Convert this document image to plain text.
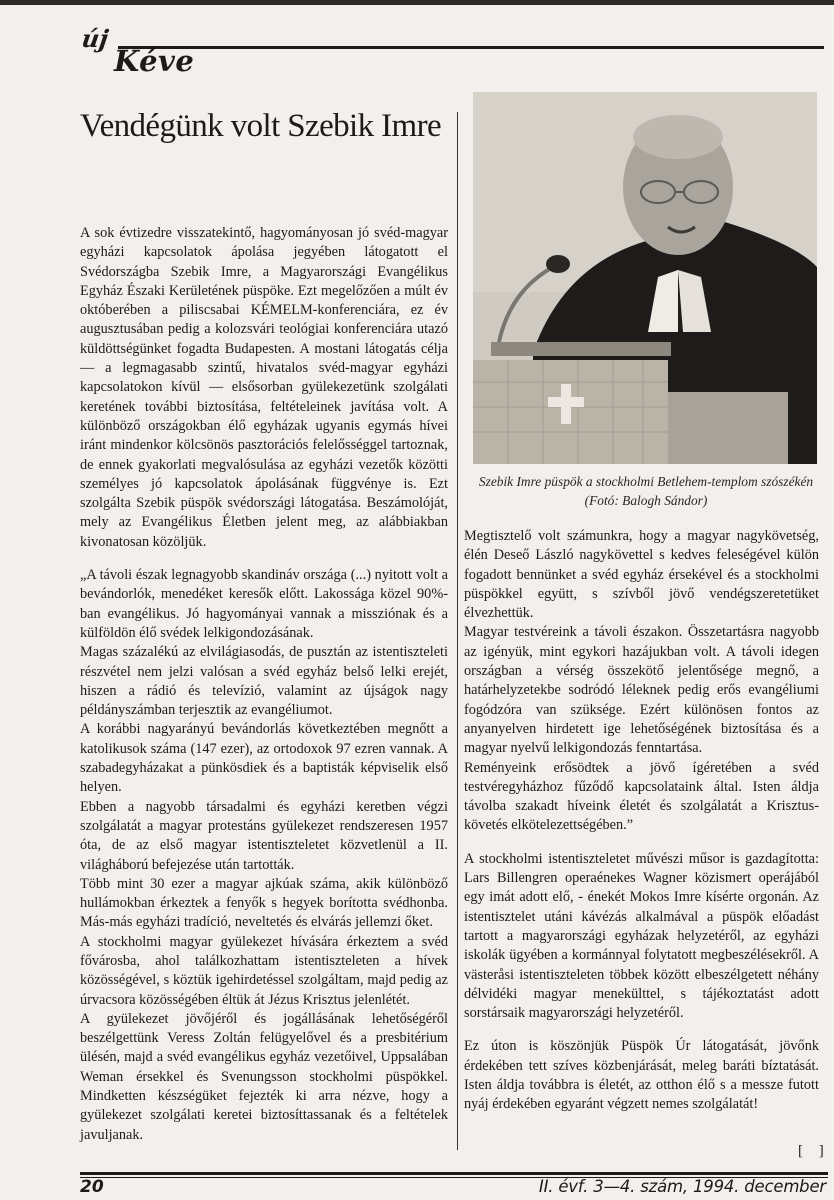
új
Kéve
Vendégünk volt Szebik Imre

A sok évtizedre visszatekintő, hagyományosan jó svéd-magyar egyházi kapcsolatok ápolása jegyében látogatott el Svédországba Szebik Imre, a Magyarországi Evangélikus Egyház Északi Kerületének püspöke. Ezt megelőzően a múlt év októberében a piliscsabai KÉMELM-konferenciára, ez év augusztusában pedig a kolozsvári teológiai konferenciára utazó küldöttségünket fogadta Budapesten. A mostani látogatás célja — a legmagasabb szintű, hivatalos svéd-magyar egyházi kapcsolatokon kívül — elsősorban gyülekezetünk szolgálati keretének további biztosítása, feltételeinek javítása volt. A különböző országokban élő egyházak ugyanis egymás hívei iránt mindenkor kölcsönös pasztorációs felelősséggel tartoznak, de ennek gyakorlati megvalósulása az egyházi vezetők közötti személyes jó kapcsolatok ápolásának függvénye is. Ezt szolgálta Szebik püspök svédországi látogatása. Beszámolóját, mely az Evangélikus Életben jelent meg, az alábbiakban kivonatosan közöljük.

„A távoli észak legnagyobb skandináv országa (...) nyitott volt a bevándorlók, menedéket keresők előtt. Lakossága közel 90%-ban evangélikus. Jó hagyományai vannak a missziónak és a külföldön élő svédek lelkigondozásának.

Magas százalékú az elvilágiasodás, de pusztán az istentiszteleti részvétel nem jelzi valósan a svéd egyház belső lelki erejét, hiszen a rádió és televízió, valamint az újságok nagy példányszámban terjesztik az evangéliumot.

A korábbi nagyarányú bevándorlás következtében megnőtt a katolikusok száma (147 ezer), az ortodoxok 97 ezren vannak. A szabadegyházakat a pünkösdiek és a baptisták képviselik első helyen.

Ebben a nagyobb társadalmi és egyházi keretben végzi szolgálatát a magyar protestáns gyülekezet rendszeresen 1957 óta, de az első magyar istentiszteletet közvetlenül a II. világháború befejezése után tartották.

Több mint 30 ezer a magyar ajkúak száma, akik különböző hullámokban érkeztek a fenyők s hegyek borította svédhonba. Más-más egyházi tradíció, neveltetés és elvárás jellemzi őket.

A stockholmi magyar gyülekezet hívására érkeztem a svéd fővárosba, ahol találkozhattam istentiszteleten a hívek közösségével, s köztük igehirdetéssel szolgáltam, majd pedig az úrvacsora közösségében éltük át Jézus Krisztus jelenlétét.

A gyülekezet jövőjéről és jogállásának lehetőségéről beszélgettünk Veress Zoltán felügyelővel és a presbitérium ülésén, majd a svéd evangélikus egyház vezetőivel, Uppsalában Weman érsekkel és Svenungsson stockholmi püspökkel. Mindketten készségüket fejezték ki arra nézve, hogy a gyülekezet szolgálati keretei biztosíttassanak és a feltételek javuljanak.

Szebik Imre püspök a stockholmi Betlehem-templom szószékén
(Fotó: Balogh Sándor)

Megtisztelő volt számunkra, hogy a magyar nagykövetség, élén Deseő László nagykövettel s kedves feleségével külön fogadott bennünket a svéd egyház érsekével és a stockholmi püspökkel együtt, s szívből jövő vendégszeretetüket élvezhettük.

Magyar testvéreink a távoli északon. Összetartásra nagyobb az igényük, mint egykori hazájukban volt. A távoli idegen országban a vérség összekötő jelentősége megnő, a határhelyzetekbe sodródó léleknek pedig erős evangéliumi fogódzóra van szüksége. Ezért különösen fontos az anyanyelven hirdetett ige lehetőségének biztosítása és a magyar nyelvű lelkigondozás fenntartása.

Reményeink erősödtek a jövő ígéretében a svéd testvéregyházhoz fűződő kapcsolataink által. Isten áldja távolba szakadt híveink életét és szolgálatát a Krisztus-követés elkötelezettségében.”

A stockholmi istentiszteletet művészi műsor is gazdagította: Lars Billengren operaénekes Wagner közismert operájából egy imát adott elő, - énekét Mokos Imre kísérte orgonán. Az istentisztelet utáni kávézás alkalmával a püspök előadást tartott a magyarországi egyházak helyzetéről, az egyházi iskolák ügyében a kormánnyal folytatott megbeszélésekről. A västeråsi istentiszteleten többek között elbeszélgetett néhány délvidéki magyar menekülttel, s tájékoztatást adott sorstársaik magyarországi helyzetéről.

Ez úton is köszönjük Püspök Úr látogatását, jövőnk érdekében tett szíves közbenjárását, meleg baráti bíztatását. Isten áldja továbbra is életét, az otthon élő s a messze futott nyáj érdekében egyaránt végzett nemes szolgálatát!

[ ]
20	II. évf. 3—4. szám, 1994. december
